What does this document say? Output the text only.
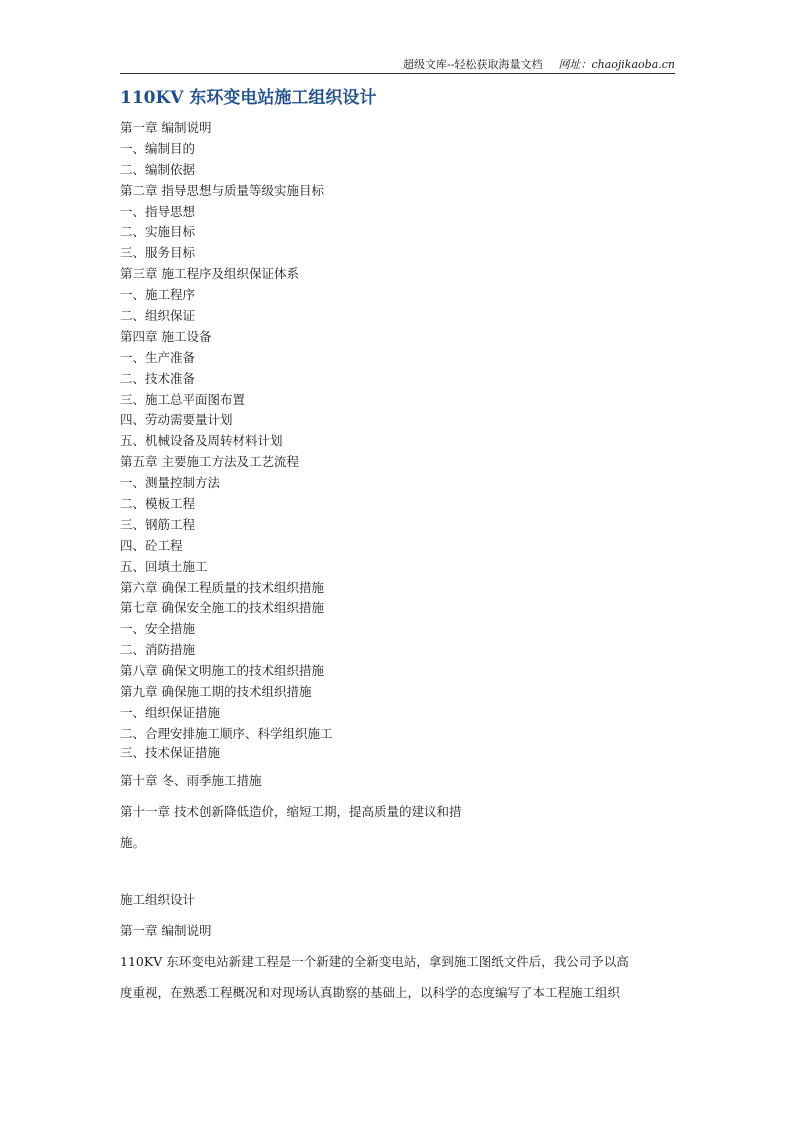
超级文库--轻松获取海量文档 网址：chaojikaoba.cn
110KV 东环变电站施工组织设计
第一章 编制说明
一、编制目的
二、编制依据
第二章 指导思想与质量等级实施目标
一、指导思想
二、实施目标
三、服务目标
第三章 施工程序及组织保证体系
一、施工程序
二、组织保证
第四章 施工设备
一、生产准备
二、技术准备
三、施工总平面图布置
四、劳动需要量计划
五、机械设备及周转材料计划
第五章 主要施工方法及工艺流程
一、测量控制方法
二、模板工程
三、钢筋工程
四、砼工程
五、回填土施工
第六章 确保工程质量的技术组织措施
第七章 确保安全施工的技术组织措施
一、安全措施
二、消防措施
第八章 确保文明施工的技术组织措施
第九章 确保施工期的技术组织措施
一、组织保证措施
二、合理安排施工顺序、科学组织施工
三、技术保证措施
第十章 冬、雨季施工措施
第十一章 技术创新降低造价，缩短工期，提高质量的建议和措
施。
施工组织设计
第一章 编制说明
110KV 东环变电站新建工程是一个新建的全新变电站，拿到施工图纸文件后，我公司予以高
度重视，在熟悉工程概况和对现场认真勘察的基础上，以科学的态度编写了本工程施工组织
